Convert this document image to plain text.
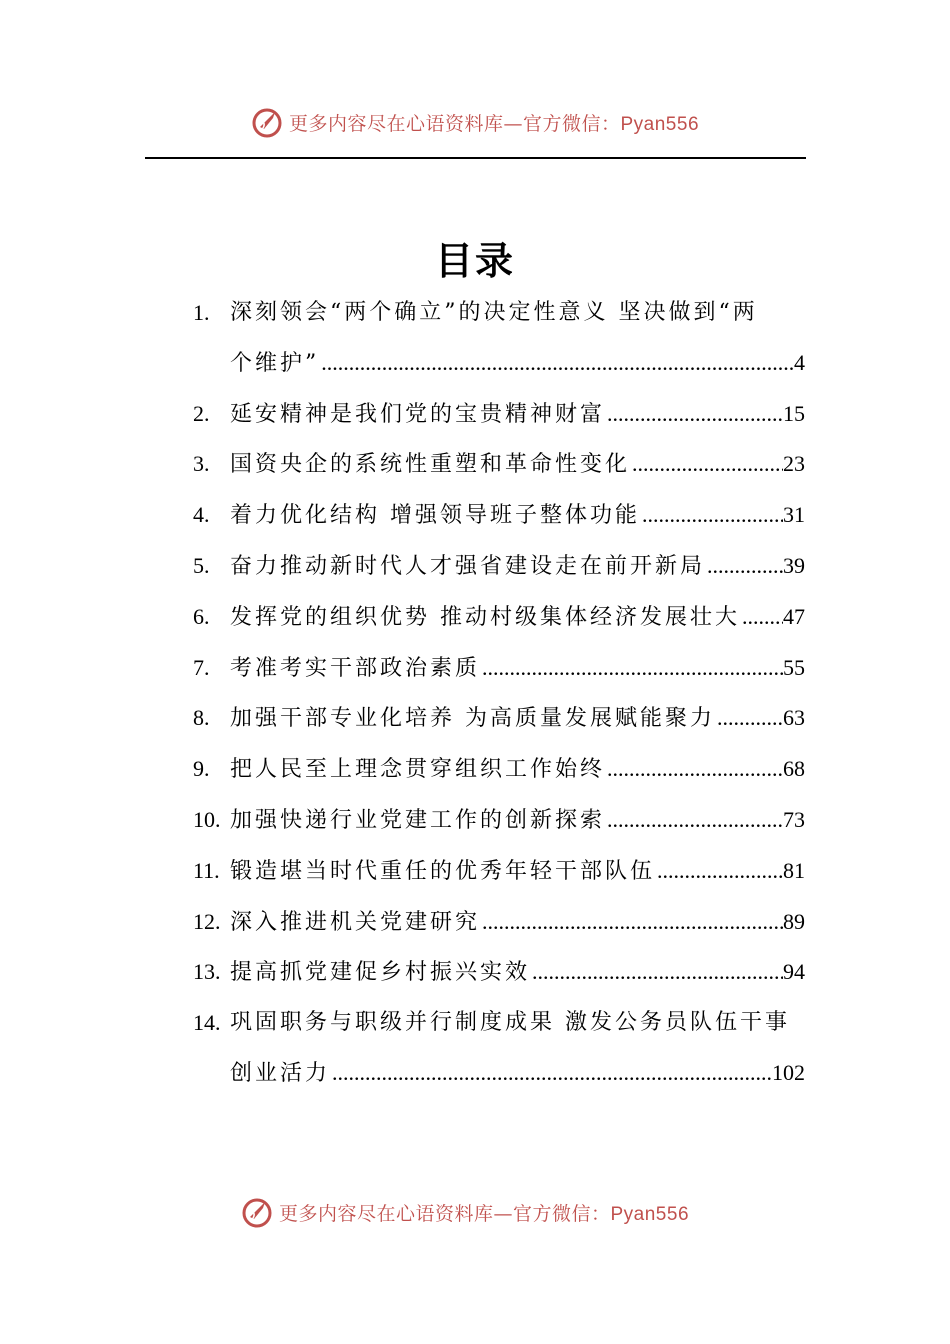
更多内容尽在心语资料库—官方微信：Pyan556
目录
1. 深刻领会“两个确立”的决定性意义 坚决做到“两
个维护” .....	4
2. 延安精神是我们党的宝贵精神财富 .....	15
3. 国资央企的系统性重塑和革命性变化 .....	23
4. 着力优化结构 增强领导班子整体功能 .....	31
5. 奋力推动新时代人才强省建设走在前开新局 .....	39
6. 发挥党的组织优势 推动村级集体经济发展壮大 ..... 47
7. 考准考实干部政治素质 .....	55
8. 加强干部专业化培养 为高质量发展赋能聚力 .....	63
9. 把人民至上理念贯穿组织工作始终 .....	68
10. 加强快递行业党建工作的创新探索 .....	73
11. 锻造堪当时代重任的优秀年轻干部队伍 .....	81
12. 深入推进机关党建研究 .....	89
13. 提高抓党建促乡村振兴实效 .....	94
14. 巩固职务与职级并行制度成果 激发公务员队伍干事
创业活力 .....	102
更多内容尽在心语资料库—官方微信：Pyan556
